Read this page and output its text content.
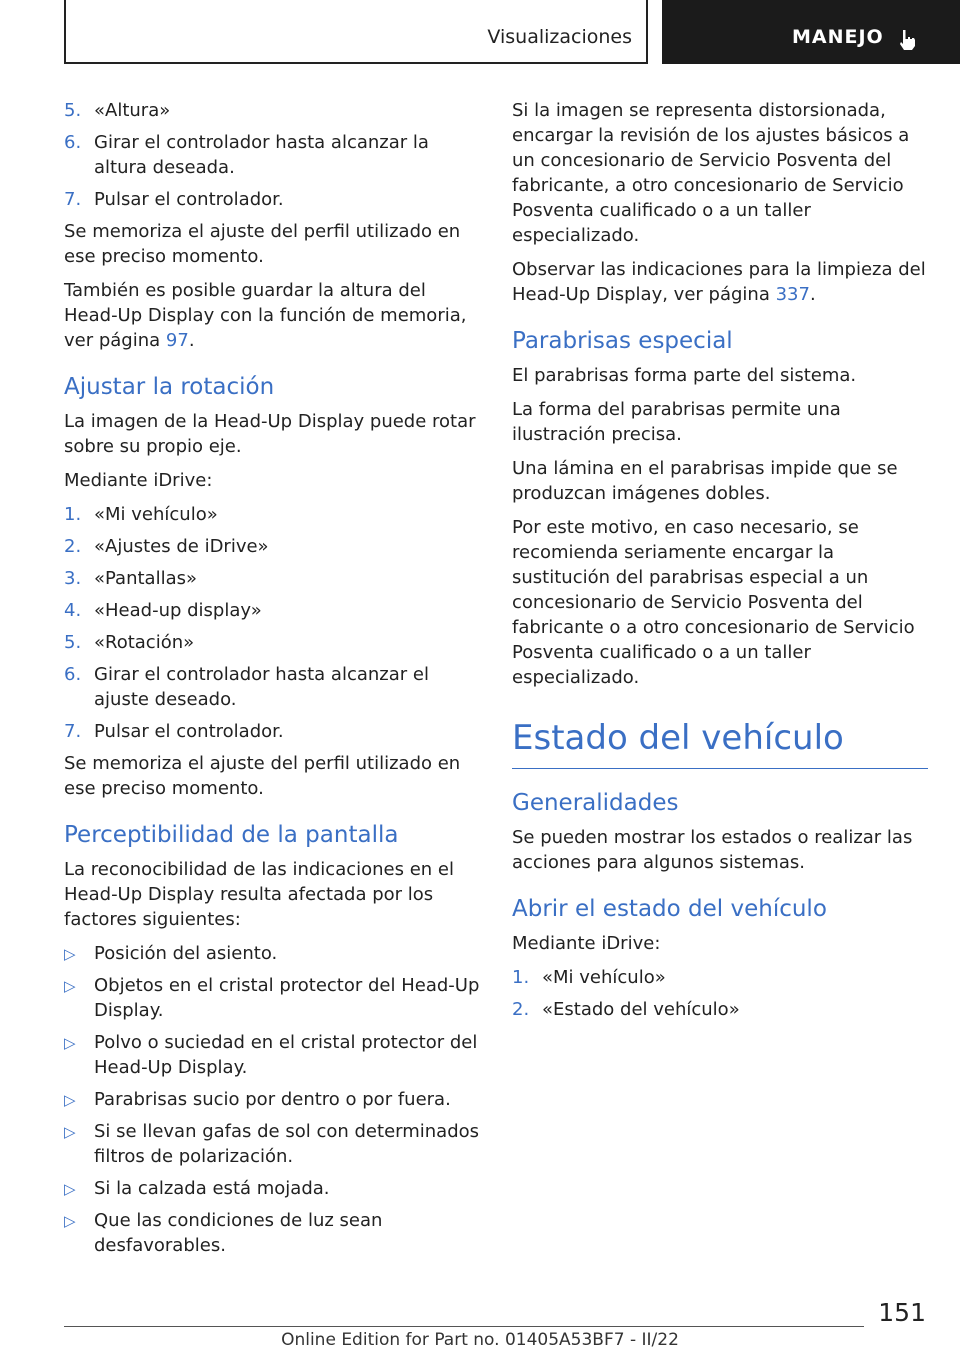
Visualizaciones	MANEJO
5. «Altura»
6. Girar el controlador hasta alcanzar la altura deseada.
7. Pulsar el controlador.

Se memoriza el ajuste del perfil utilizado en ese preciso momento.

También es posible guardar la altura del Head-Up Display con la función de memoria, ver página 97.

Ajustar la rotación

La imagen de la Head-Up Display puede rotar sobre su propio eje.

Mediante iDrive:

1. «Mi vehículo»
2. «Ajustes de iDrive»
3. «Pantallas»
4. «Head-up display»
5. «Rotación»
6. Girar el controlador hasta alcanzar el ajuste deseado.
7. Pulsar el controlador.

Se memoriza el ajuste del perfil utilizado en ese preciso momento.

Perceptibilidad de la pantalla

La reconocibilidad de las indicaciones en el Head-Up Display resulta afectada por los factores siguientes:

▷ Posición del asiento.
▷ Objetos en el cristal protector del Head-Up Display.
▷ Polvo o suciedad en el cristal protector del Head-Up Display.
▷ Parabrisas sucio por dentro o por fuera.
▷ Si se llevan gafas de sol con determinados filtros de polarización.
▷ Si la calzada está mojada.
▷ Que las condiciones de luz sean desfavorables.

Si la imagen se representa distorsionada, encargar la revisión de los ajustes básicos a un concesionario de Servicio Posventa del fabricante, a otro concesionario de Servicio Posventa cualificado o a un taller especializado.

Observar las indicaciones para la limpieza del Head-Up Display, ver página 337.

Parabrisas especial

El parabrisas forma parte del sistema.

La forma del parabrisas permite una ilustración precisa.

Una lámina en el parabrisas impide que se produzcan imágenes dobles.

Por este motivo, en caso necesario, se recomienda seriamente encargar la sustitución del parabrisas especial a un concesionario de Servicio Posventa del fabricante o a otro concesionario de Servicio Posventa cualificado o a un taller especializado.

Estado del vehículo
Generalidades

Se pueden mostrar los estados o realizar las acciones para algunos sistemas.

Abrir el estado del vehículo

Mediante iDrive:

1. «Mi vehículo»
2. «Estado del vehículo»
151
Online Edition for Part no. 01405A53BF7 - II/22
